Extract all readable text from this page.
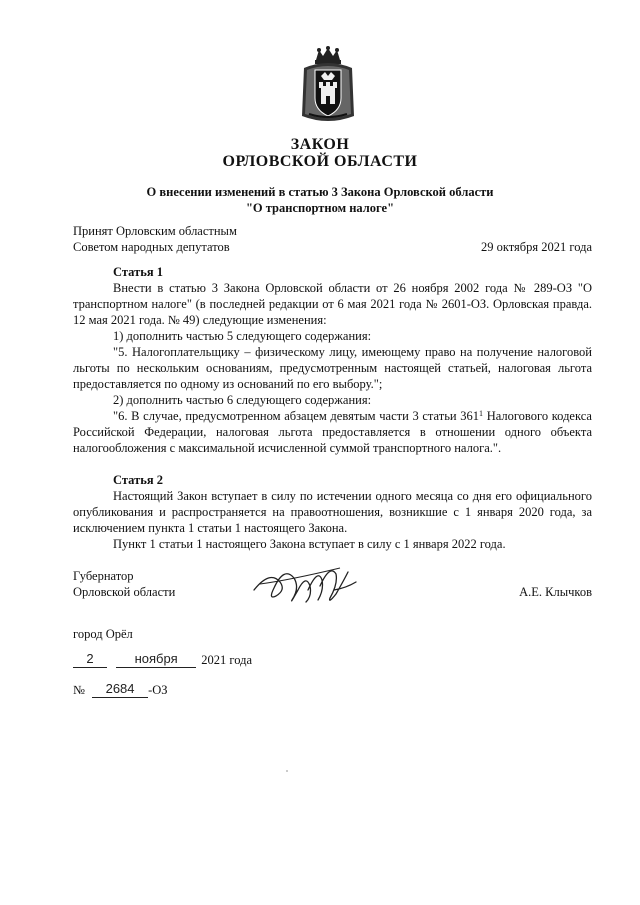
ЗАКОН
ОРЛОВСКОЙ ОБЛАСТИ
О внесении изменений в статью 3 Закона Орловской области
"О транспортном налоге"
Принят Орловским областным
Советом народных депутатов	29 октября 2021 года

Статья 1

Внести в статью 3 Закона Орловской области от 26 ноября 2002 года № 289-ОЗ "О транспортном налоге" (в последней редакции от 6 мая 2021 года № 2601-ОЗ. Орловская правда. 12 мая 2021 года. № 49) следующие изменения:

1) дополнить частью 5 следующего содержания:

"5. Налогоплательщику – физическому лицу, имеющему право на получение налоговой льготы по нескольким основаниям, предусмотренным настоящей статьей, налоговая льгота предоставляется по одному из оснований по его выбору.";

2) дополнить частью 6 следующего содержания:

"6. В случае, предусмотренном абзацем девятым части 3 статьи $361^1$ Налогового кодекса Российской Федерации, налоговая льгота предоставляется в отношении одного объекта налогообложения с максимальной исчисленной суммой транспортного налога.".

Статья 2

Настоящий Закон вступает в силу по истечении одного месяца со дня его официального опубликования и распространяется на правоотношения, возникшие с 1 января 2020 года, за исключением пункта 1 статьи 1 настоящего Закона.

Пункт 1 статьи 1 настоящего Закона вступает в силу с 1 января 2022 года.

Губернатор
Орловской области	А.Е. Клычков
город Орёл
2	ноября 2021 года
№ 2684 -ОЗ
